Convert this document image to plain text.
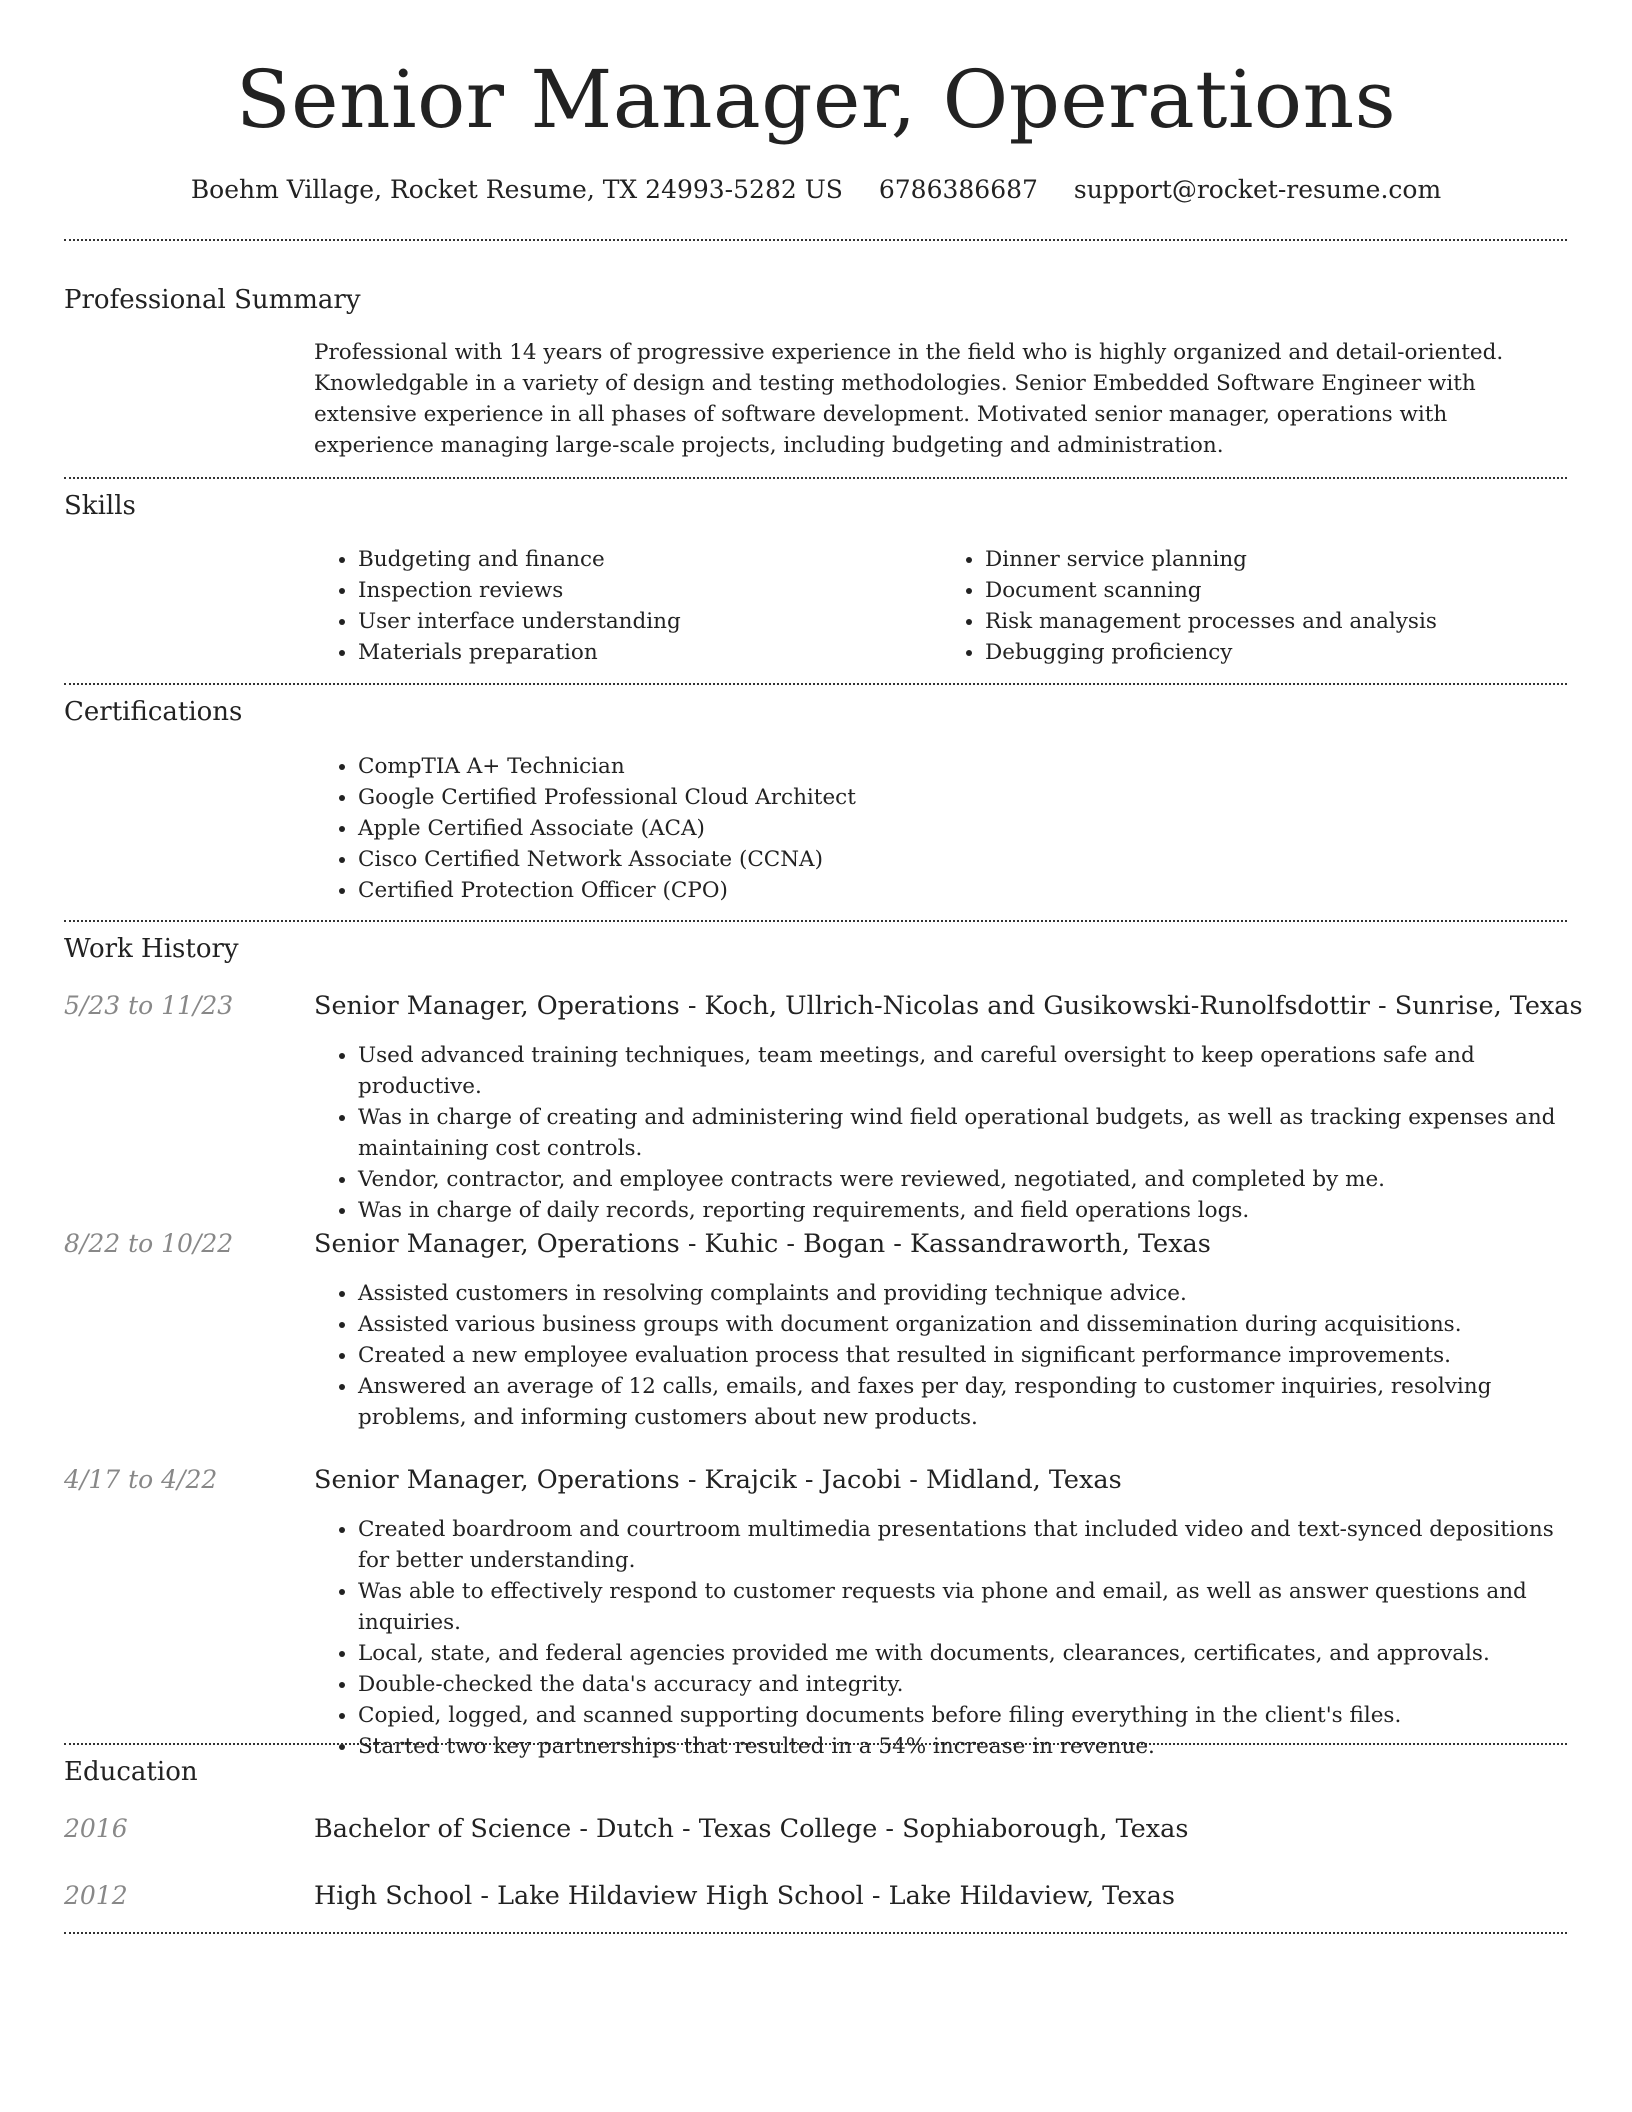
Senior Manager, Operations
Boehm Village, Rocket Resume, TX 24993-5282 US 6786386687 support@rocket-resume.com
Professional Summary

Professional with 14 years of progressive experience in the field who is highly organized and detail-oriented. Knowledgable in a variety of design and testing methodologies. Senior Embedded Software Engineer with extensive experience in all phases of software development. Motivated senior manager, operations with experience managing large-scale projects, including budgeting and administration.

Skills
• Budgeting and finance
• Inspection reviews
• User interface understanding
• Materials preparation
• Dinner service planning
• Document scanning
• Risk management processes and analysis
• Debugging proficiency
Certifications
• CompTIA A+ Technician
• Google Certified Professional Cloud Architect
• Apple Certified Associate (ACA)
• Cisco Certified Network Associate (CCNA)
• Certified Protection Officer (CPO)
Work History
5/23 to 11/23	Senior Manager, Operations - Koch, Ullrich-Nicolas and Gusikowski-Runolfsdottir - Sunrise, Texas
• Used advanced training techniques, team meetings, and careful oversight to keep operations safe and productive.
• Was in charge of creating and administering wind field operational budgets, as well as tracking expenses and maintaining cost controls.
• Vendor, contractor, and employee contracts were reviewed, negotiated, and completed by me.
• Was in charge of daily records, reporting requirements, and field operations logs.
8/22 to 10/22	Senior Manager, Operations - Kuhic - Bogan - Kassandraworth, Texas
• Assisted customers in resolving complaints and providing technique advice.
• Assisted various business groups with document organization and dissemination during acquisitions.
• Created a new employee evaluation process that resulted in significant performance improvements.
• Answered an average of 12 calls, emails, and faxes per day, responding to customer inquiries, resolving problems, and informing customers about new products.
4/17 to 4/22	Senior Manager, Operations - Krajcik - Jacobi - Midland, Texas
• Created boardroom and courtroom multimedia presentations that included video and text-synced depositions for better understanding.
• Was able to effectively respond to customer requests via phone and email, as well as answer questions and inquiries.
• Local, state, and federal agencies provided me with documents, clearances, certificates, and approvals.
• Double-checked the data's accuracy and integrity.
• Copied, logged, and scanned supporting documents before filing everything in the client's files.
• Started two key partnerships that resulted in a 54% increase in revenue.
Education
2016	Bachelor of Science - Dutch - Texas College - Sophiaborough, Texas
2012	High School - Lake Hildaview High School - Lake Hildaview, Texas
